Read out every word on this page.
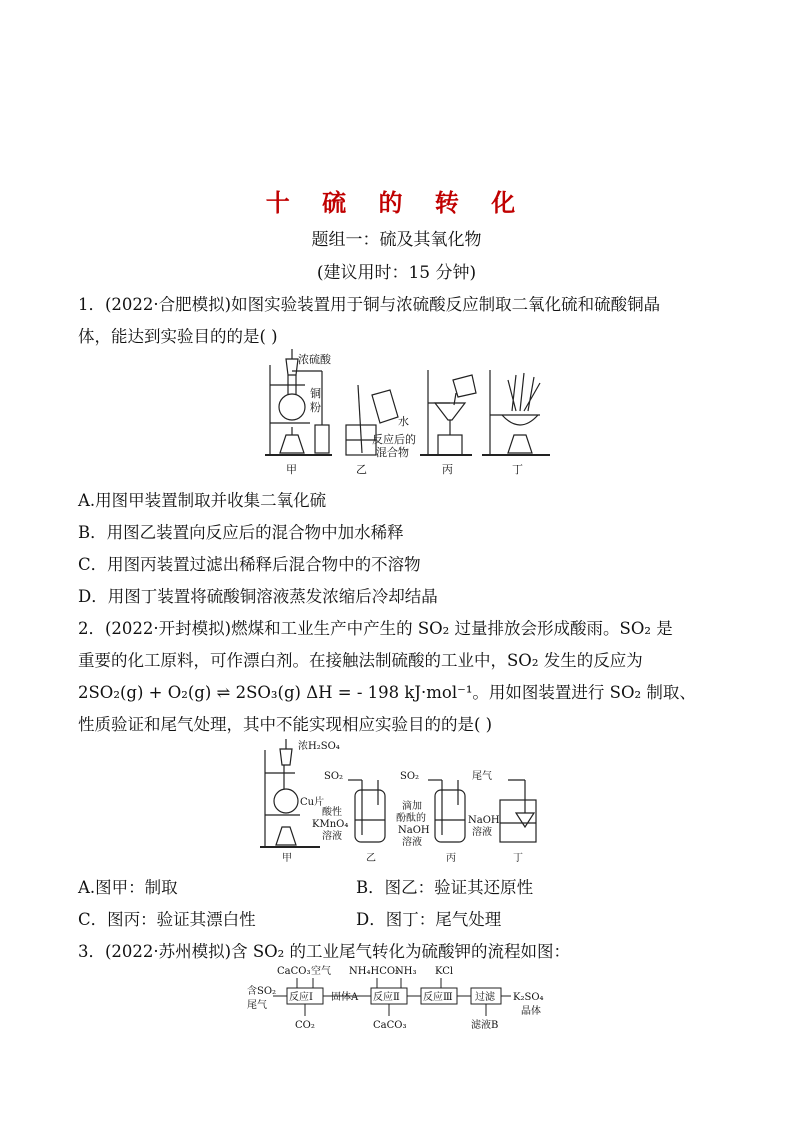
十 硫 的 转 化
题组一：硫及其氧化物
(建议用时：15 分钟)
1．(2022·合肥模拟)如图实验装置用于铜与浓硫酸反应制取二氧化硫和硫酸铜晶
体，能达到实验目的的是( )
浓硫酸
铜
粉
水
反应后的
混合物
甲	乙	丙	丁
A.用图甲装置制取并收集二氧化硫
B．用图乙装置向反应后的混合物中加水稀释
C．用图丙装置过滤出稀释后混合物中的不溶物
D．用图丁装置将硫酸铜溶液蒸发浓缩后冷却结晶
2．(2022·开封模拟)燃煤和工业生产中产生的 SO₂ 过量排放会形成酸雨。SO₂ 是
重要的化工原料，可作漂白剂。在接触法制硫酸的工业中，SO₂ 发生的反应为
2SO₂(g) + O₂(g) ⇌ 2SO₃(g) ΔH = - 198 kJ·mol⁻¹。用如图装置进行 SO₂ 制取、
性质验证和尾气处理，其中不能实现相应实验目的的是( )
浓H₂SO₄
Cu片
SO₂	SO₂	尾气
酸性
KMnO₄
溶液
滴加
酚酞的
NaOH
溶液
NaOH
溶液
甲	乙	丙	丁
A.图甲：制取	B．图乙：验证其还原性
C．图丙：验证其漂白性	D．图丁：尾气处理
3．(2022·苏州模拟)含 SO₂ 的工业尾气转化为硫酸钾的流程如图：
含SO₂
尾气
CaCO₃ 空气
反应Ⅰ 固体A
NH₄HCO₃
NH₃ KCl
反应Ⅱ 反应Ⅲ 过滤 K₂SO₄
晶体
CO₂	CaCO₃	滤液B
